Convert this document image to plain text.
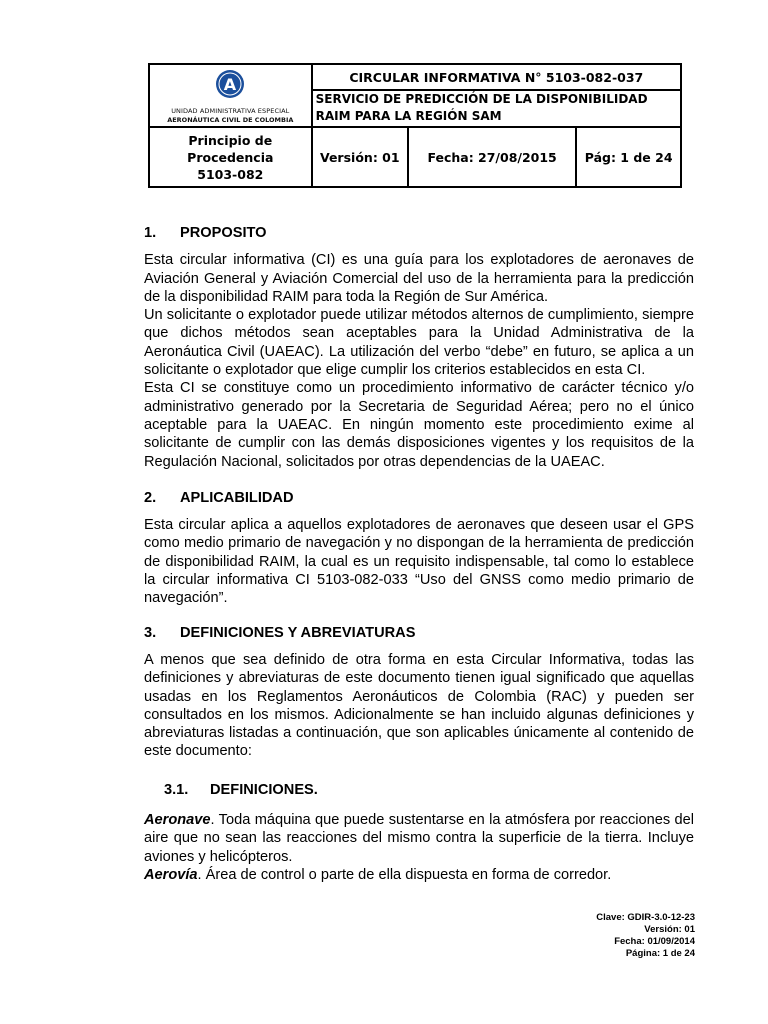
A
UNIDAD ADMINISTRATIVA ESPECIAL
AERONÁUTICA CIVIL DE COLOMBIA	CIRCULAR INFORMATIVA N° 5103-082-037		
	SERVICIO DE PREDICCIÓN DE LA DISPONIBILIDAD RAIM PARA LA REGIÓN SAM		

Principio de Procedencia
5103-082	Versión: 01	Fecha: 27/08/2015	Pág: 1 de 24
1.	PROPOSITO

Esta circular informativa (CI) es una guía para los explotadores de aeronaves de Aviación General y Aviación Comercial del uso de la herramienta para la predicción de la disponibilidad RAIM para toda la Región de Sur América.

Un solicitante o explotador puede utilizar métodos alternos de cumplimiento, siempre que dichos métodos sean aceptables para la Unidad Administrativa de la Aeronáutica Civil (UAEAC). La utilización del verbo “debe” en futuro, se aplica a un solicitante o explotador que elige cumplir los criterios establecidos en esta CI.

Esta CI se constituye como un procedimiento informativo de carácter técnico y/o administrativo generado por la Secretaria de Seguridad Aérea; pero no el único aceptable para la UAEAC. En ningún momento este procedimiento exime al solicitante de cumplir con las demás disposiciones vigentes y los requisitos de la Regulación Nacional, solicitados por otras dependencias de la UAEAC.

2.	APLICABILIDAD

Esta circular aplica a aquellos explotadores de aeronaves que deseen usar el GPS como medio primario de navegación y no dispongan de la herramienta de predicción de disponibilidad RAIM, la cual es un requisito indispensable, tal como lo establece la circular informativa CI 5103-082-033 “Uso del GNSS como medio primario de navegación”.

3.	DEFINICIONES Y ABREVIATURAS

A menos que sea definido de otra forma en esta Circular Informativa, todas las definiciones y abreviaturas de este documento tienen igual significado que aquellas usadas en los Reglamentos Aeronáuticos de Colombia (RAC) y pueden ser consultados en los mismos. Adicionalmente se han incluido algunas definiciones y abreviaturas listadas a continuación, que son aplicables únicamente al contenido de este documento:

3.1.	DEFINICIONES.

Aeronave. Toda máquina que puede sustentarse en la atmósfera por reacciones del aire que no sean las reacciones del mismo contra la superficie de la tierra. Incluye aviones y helicópteros.

Aerovía. Área de control o parte de ella dispuesta en forma de corredor.

Clave: GDIR-3.0-12-23
Versión: 01
Fecha: 01/09/2014
Página: 1 de 24
